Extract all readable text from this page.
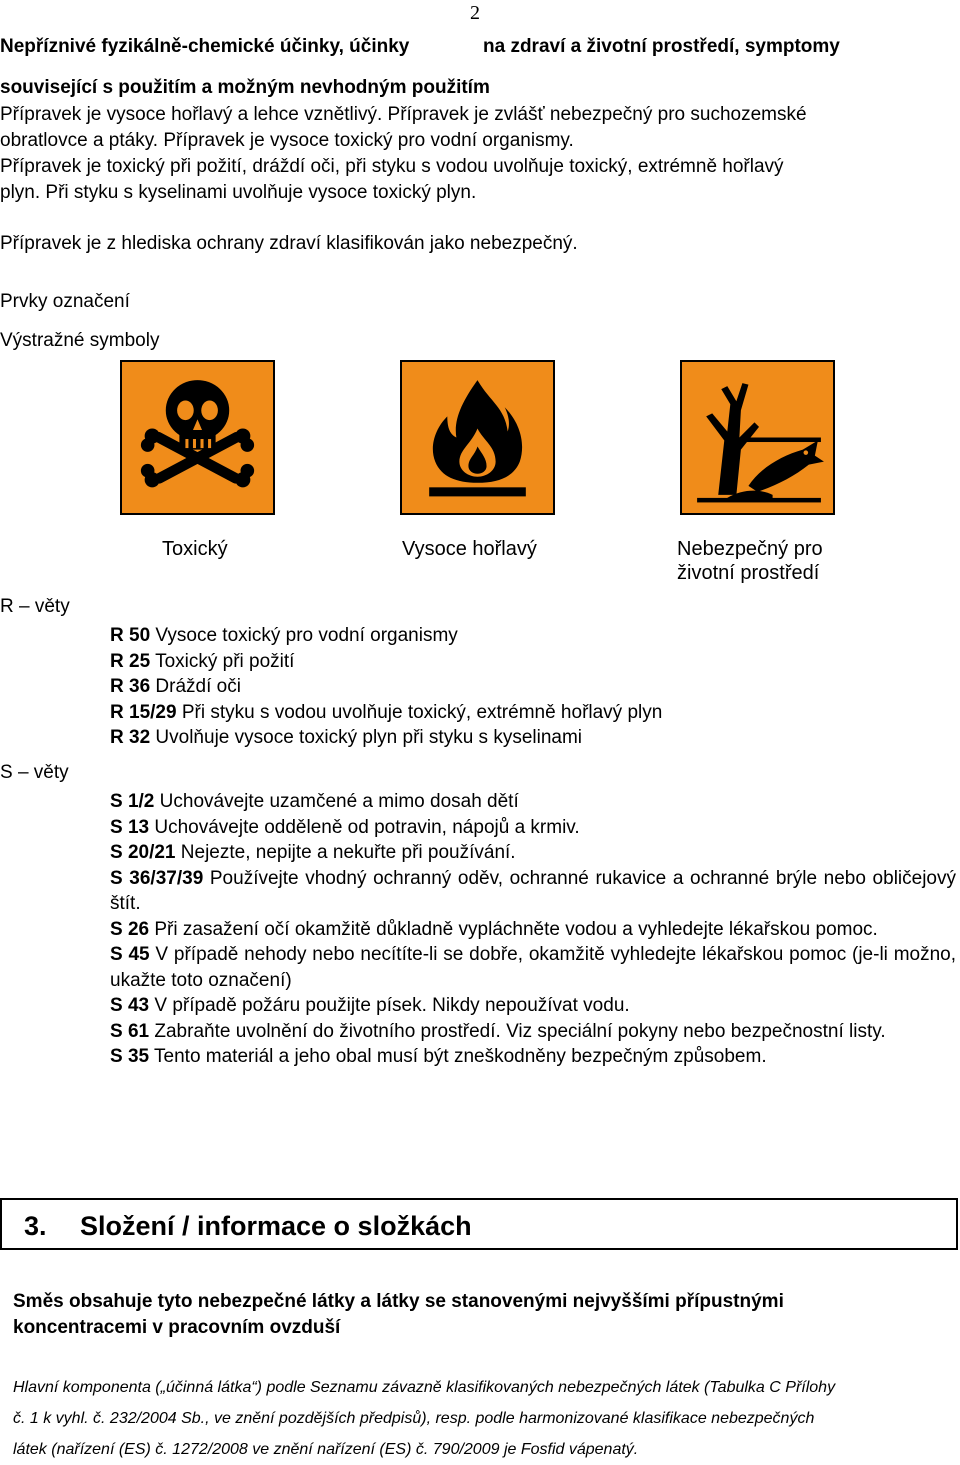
2
Nepříznivé fyzikálně-chemické účinky, účinky	na zdraví a životní prostředí, symptomy
související s použitím a možným nevhodným použitím
Přípravek je vysoce hořlavý a lehce vznětlivý. Přípravek je zvlášť nebezpečný pro suchozemské
obratlovce a ptáky. Přípravek je vysoce toxický pro vodní organismy.
Přípravek je toxický při požití, dráždí oči, při styku s vodou uvolňuje toxický, extrémně hořlavý
plyn. Při styku s kyselinami uvolňuje vysoce toxický plyn.
Přípravek je z hlediska ochrany zdraví klasifikován jako nebezpečný.
Prvky označení
Výstražné symboly
Toxický	Vysoce hořlavý	Nebezpečný pro
životní prostředí
R – věty
R 50 Vysoce toxický pro vodní organismy
R 25 Toxický při požití
R 36 Dráždí oči
R 15/29 Při styku s vodou uvolňuje toxický, extrémně hořlavý plyn
R 32 Uvolňuje vysoce toxický plyn při styku s kyselinami
S – věty
S 1/2 Uchovávejte uzamčené a mimo dosah dětí
S 13 Uchovávejte odděleně od potravin, nápojů a krmiv.
S 20/21 Nejezte, nepijte a nekuřte při používání.
S 36/37/39 Používejte vhodný ochranný oděv, ochranné rukavice a ochranné brýle nebo obličejový štít.
S 26 Při zasažení očí okamžitě důkladně vypláchněte vodou a vyhledejte lékařskou pomoc.
S 45 V případě nehody nebo necítíte-li se dobře, okamžitě vyhledejte lékařskou pomoc (je-li možno, ukažte toto označení)
S 43 V případě požáru použijte písek. Nikdy nepoužívat vodu.
S 61 Zabraňte uvolnění do životního prostředí. Viz speciální pokyny nebo bezpečnostní listy.
S 35 Tento materiál a jeho obal musí být zneškodněny bezpečným způsobem.
3. Složení / informace o složkách
Směs obsahuje tyto nebezpečné látky a látky se stanovenými nejvyššími přípustnými
koncentracemi v pracovním ovzduší
Hlavní komponenta („účinná látka“) podle Seznamu závazně klasifikovaných nebezpečných látek (Tabulka C Přílohy
č. 1 k vyhl. č. 232/2004 Sb., ve znění pozdějších předpisů), resp. podle harmonizované klasifikace nebezpečných
látek (nařízení (ES) č. 1272/2008 ve znění nařízení (ES) č. 790/2009 je Fosfid vápenatý.
